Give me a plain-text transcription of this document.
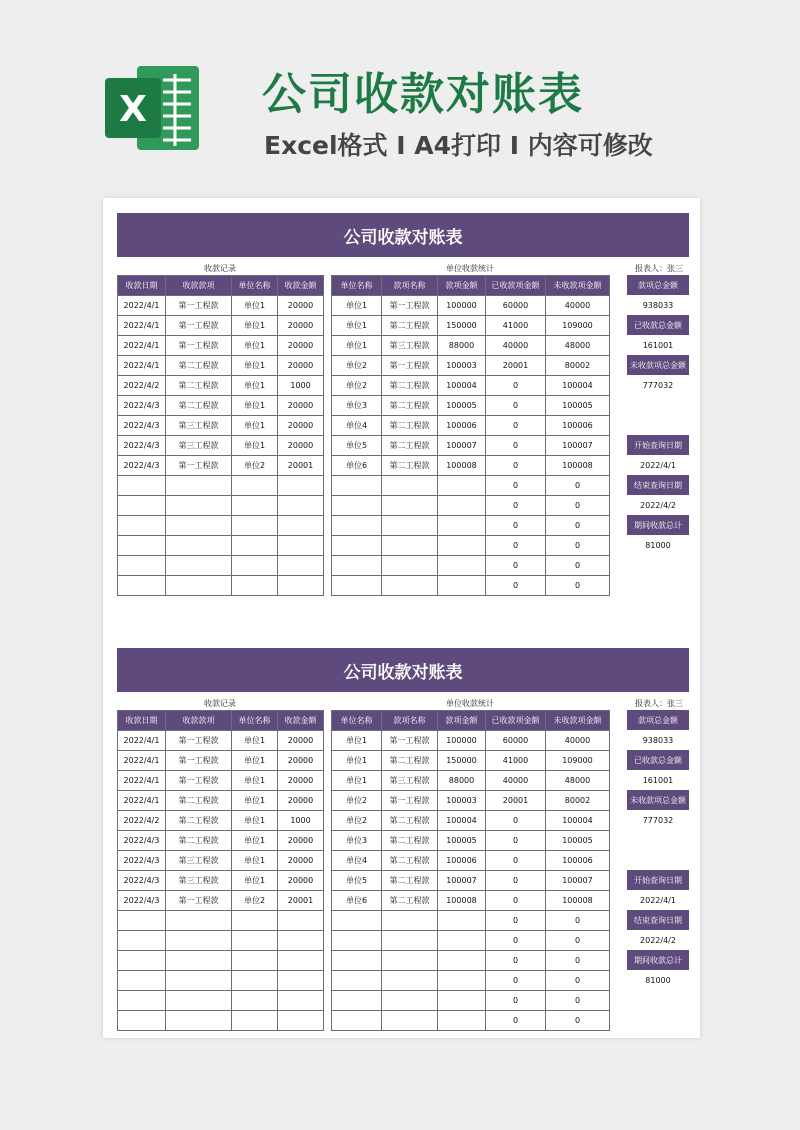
X	公司收款对账表
Excel格式 I A4打印 I 内容可修改
公司收款对账表
收款记录	单位收款统计	报表人：张三
收款日期	收款款项	单位名称	收款金额
2022/4/1	第一工程款	单位1	20000
2022/4/1	第一工程款	单位1	20000
2022/4/1	第一工程款	单位1	20000
2022/4/1	第二工程款	单位1	20000
2022/4/2	第二工程款	单位1	1000
2022/4/3	第二工程款	单位1	20000
2022/4/3	第三工程款	单位1	20000
2022/4/3	第三工程款	单位1	20000
2022/4/3	第一工程款	单位2	20001

单位名称	款项名称	款项金额	已收款项金额	未收款项金额
单位1	第一工程款	100000	60000	40000
单位1	第二工程款	150000	41000	109000
单位1	第三工程款	88000	40000	48000
单位2	第一工程款	100003	20001	80002
单位2	第二工程款	100004	0	100004
单位3	第二工程款	100005	0	100005
单位4	第二工程款	100006	0	100006
单位5	第二工程款	100007	0	100007
单位6	第二工程款	100008	0	100008
			0	0
			0	0
			0	0
			0	0
			0	0
			0	0
款项总金额
938033
已收款总金额
161001
未收款项总金额
777032
开始查询日期
2022/4/1
结束查询日期
2022/4/2
期间收款总计
81000
公司收款对账表
收款记录	单位收款统计	报表人：张三
收款日期	收款款项	单位名称	收款金额
2022/4/1	第一工程款	单位1	20000
2022/4/1	第一工程款	单位1	20000
2022/4/1	第一工程款	单位1	20000
2022/4/1	第二工程款	单位1	20000
2022/4/2	第二工程款	单位1	1000
2022/4/3	第二工程款	单位1	20000
2022/4/3	第三工程款	单位1	20000
2022/4/3	第三工程款	单位1	20000
2022/4/3	第一工程款	单位2	20001

单位名称	款项名称	款项金额	已收款项金额	未收款项金额
单位1	第一工程款	100000	60000	40000
单位1	第二工程款	150000	41000	109000
单位1	第三工程款	88000	40000	48000
单位2	第一工程款	100003	20001	80002
单位2	第二工程款	100004	0	100004
单位3	第二工程款	100005	0	100005
单位4	第二工程款	100006	0	100006
单位5	第二工程款	100007	0	100007
单位6	第二工程款	100008	0	100008
			0	0
			0	0
			0	0
			0	0
			0	0
			0	0
款项总金额
938033
已收款总金额
161001
未收款项总金额
777032
开始查询日期
2022/4/1
结束查询日期
2022/4/2
期间收款总计
81000
